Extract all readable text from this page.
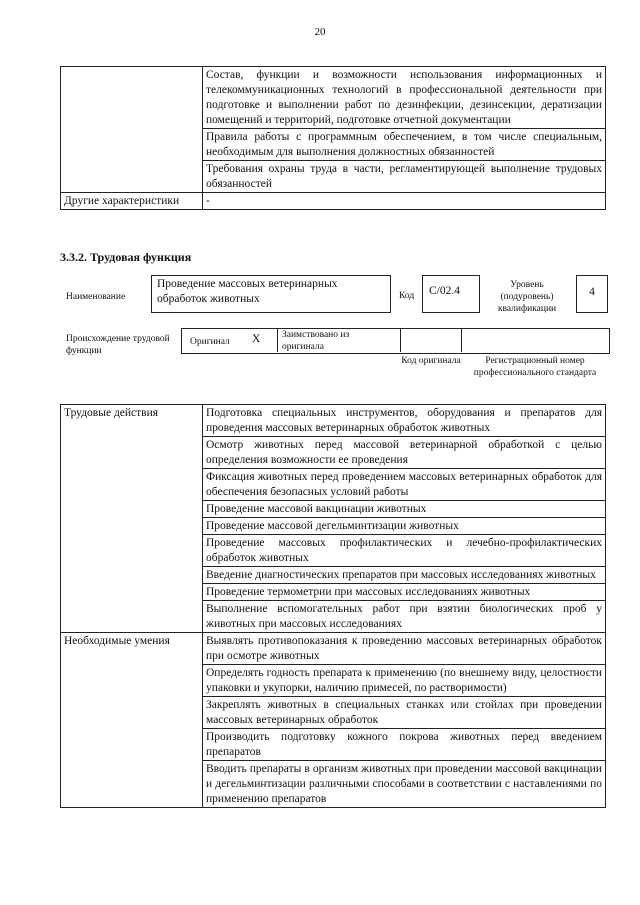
20
	Состав, функции и возможности использования информационных и телекоммуникационных технологий в профессиональной деятельности при подготовке и выполнении работ по дезинфекции, дезинсекции, дератизации помещений и территорий, подготовке отчетной документации
	Правила работы с программным обеспечением, в том числе специальным, необходимым для выполнения должностных обязанностей
	Требования охраны труда в части, регламентирующей выполнение трудовых обязанностей
Другие характеристики	-
3.3.2. Трудовая функция
Наименование
Проведение массовых ветеринарных обработок животных	Код	C/02.4	Уровень (подуровень) квалификации
4
Происхождение трудовой функции
Оригинал X Заимствовано из оригинала
Код оригинала	Регистрационный номер профессионального стандарта
Трудовые действия	Подготовка специальных инструментов, оборудования и препаратов для проведения массовых ветеринарных обработок животных
	Осмотр животных перед массовой ветеринарной обработкой с целью определения возможности ее проведения
	Фиксация животных перед проведением массовых ветеринарных обработок для обеспечения безопасных условий работы
	Проведение массовой вакцинации животных
	Проведение массовой дегельминтизации животных
	Проведение массовых профилактических и лечебно-профилактических обработок животных
	Введение диагностических препаратов при массовых исследованиях животных
	Проведение термометрии при массовых исследованиях животных
	Выполнение вспомогательных работ при взятии биологических проб у животных при массовых исследованиях
Необходимые умения	Выявлять противопоказания к проведению массовых ветеринарных обработок при осмотре животных
	Определять годность препарата к применению (по внешнему виду, целостности упаковки и укупорки, наличию примесей, по растворимости)
	Закреплять животных в специальных станках или стойлах при проведении массовых ветеринарных обработок
	Производить подготовку кожного покрова животных перед введением препаратов
	Вводить препараты в организм животных при проведении массовой вакцинации и дегельминтизации различными способами в соответствии с наставлениями по применению препаратов
